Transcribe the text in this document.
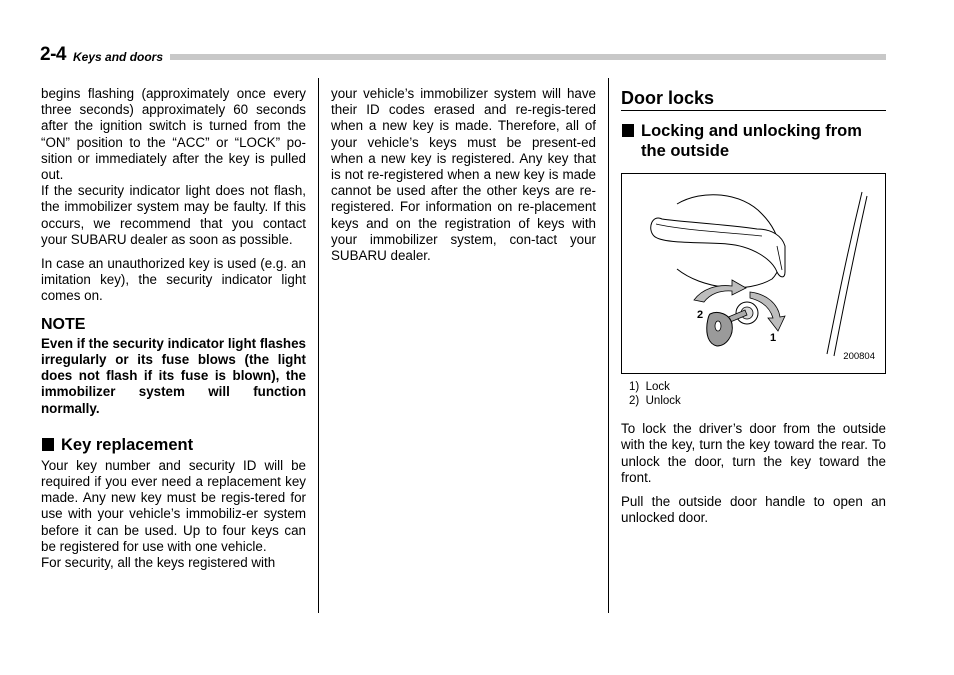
2-4 Keys and doors

begins flashing (approximately once every three seconds) approximately 60 seconds after the ignition switch is turned from the “ON” position to the “ACC” or “LOCK” po-sition or immediately after the key is pulled out.

If the security indicator light does not flash, the immobilizer system may be faulty. If this occurs, we recommend that you contact your SUBARU dealer as soon as possible.

In case an unauthorized key is used (e.g. an imitation key), the security indicator light comes on.

NOTE

Even if the security indicator light flashes irregularly or its fuse blows (the light does not flash if its fuse is blown), the immobilizer system will function normally.

Key replacement

Your key number and security ID will be required if you ever need a replacement key made. Any new key must be regis-tered for use with your vehicle’s immobiliz-er system before it can be used. Up to four keys can be registered for use with one vehicle.

For security, all the keys registered with

your vehicle’s immobilizer system will have their ID codes erased and re-regis-tered when a new key is made. Therefore, all of your vehicle’s keys must be present-ed when a new key is registered. Any key that is not re-registered when a new key is made cannot be used after the other keys are re-registered. For information on re-placement keys and on the registration of keys with your immobilizer system, con-tact your SUBARU dealer.

Door locks
Locking and unlocking from the outside
2
1
200804
1)  Lock
2)  Unlock

To lock the driver’s door from the outside with the key, turn the key toward the rear. To unlock the door, turn the key toward the front.

Pull the outside door handle to open an unlocked door.
